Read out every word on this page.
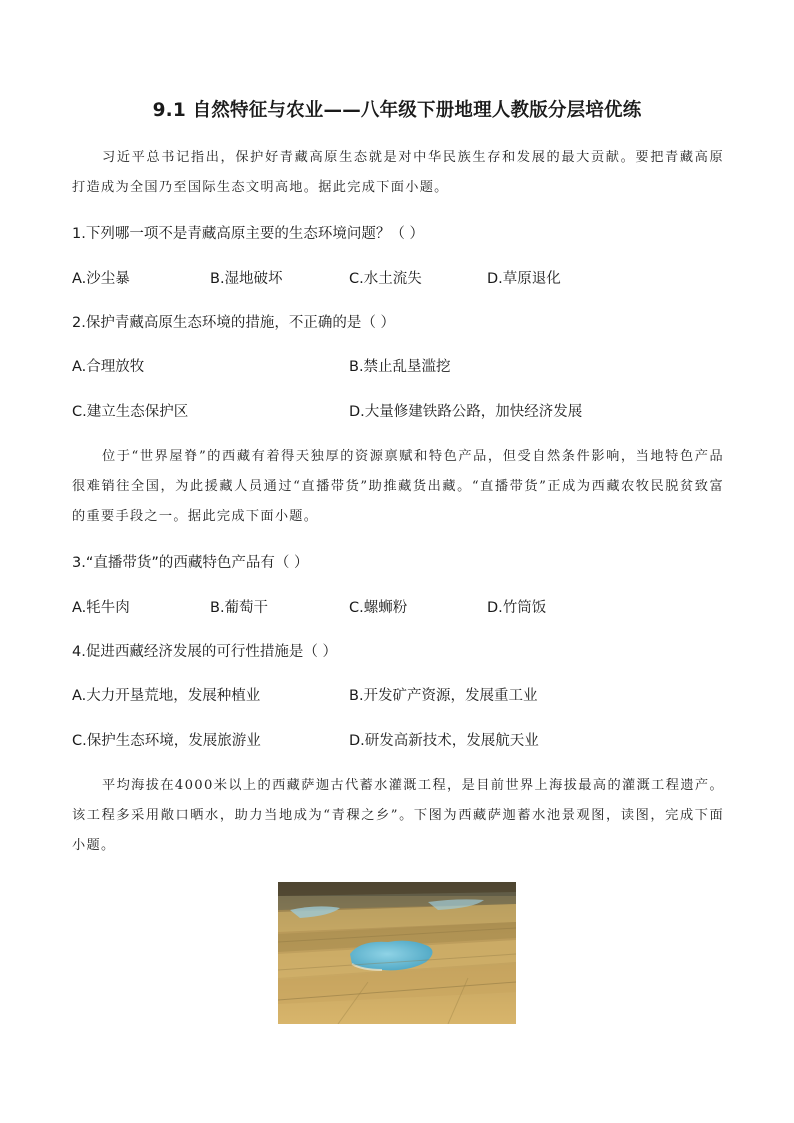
9.1 自然特征与农业——八年级下册地理人教版分层培优练
习近平总书记指出，保护好青藏高原生态就是对中华民族生存和发展的最大贡献。要把青藏高原打造成为全国乃至国际生态文明高地。据此完成下面小题。
1.下列哪一项不是青藏高原主要的生态环境问题？（ ）
A.沙尘暴	B.湿地破坏	C.水土流失	D.草原退化
2.保护青藏高原生态环境的措施，不正确的是（ ）
A.合理放牧	B.禁止乱垦滥挖
C.建立生态保护区	D.大量修建铁路公路，加快经济发展
位于“世界屋脊”的西藏有着得天独厚的资源禀赋和特色产品，但受自然条件影响，当地特色产品很难销往全国，为此援藏人员通过“直播带货”助推藏货出藏。“直播带货”正成为西藏农牧民脱贫致富的重要手段之一。据此完成下面小题。
3.“直播带货”的西藏特色产品有（ ）
A.牦牛肉	B.葡萄干	C.螺蛳粉	D.竹筒饭
4.促进西藏经济发展的可行性措施是（ ）
A.大力开垦荒地，发展种植业	B.开发矿产资源，发展重工业
C.保护生态环境，发展旅游业	D.研发高新技术，发展航天业
平均海拔在4000米以上的西藏萨迦古代蓄水灌溉工程，是目前世界上海拔最高的灌溉工程遗产。该工程多采用敞口晒水，助力当地成为“青稞之乡”。下图为西藏萨迦蓄水池景观图，读图，完成下面小题。
